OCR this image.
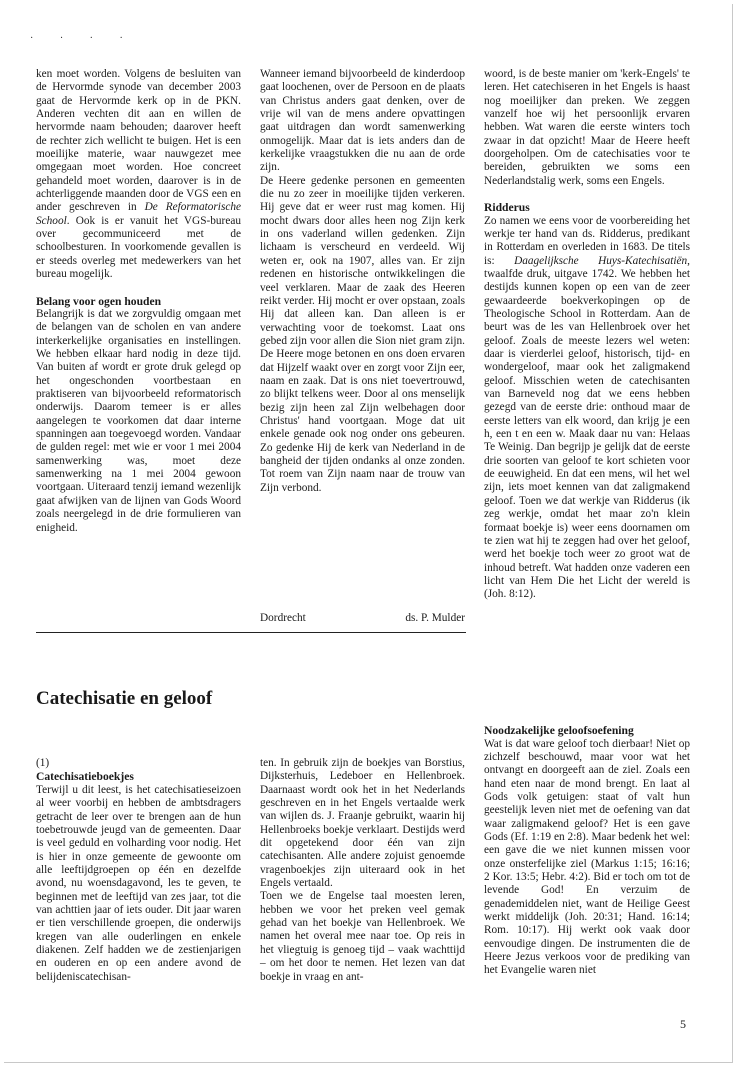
· · · ·

ken moet worden. Volgens de besluiten van de Hervormde synode van december 2003 gaat de Hervormde kerk op in de PKN. Anderen vechten dit aan en willen de hervormde naam behouden; daarover heeft de rechter zich wellicht te buigen. Het is een moeilijke materie, waar nauwgezet mee omgegaan moet worden. Hoe concreet gehandeld moet worden, daarover is in de achterliggende maanden door de VGS een en ander geschreven in De Reformatorische School. Ook is er vanuit het VGS-bureau over gecommuniceerd met de schoolbesturen. In voorkomende gevallen is er steeds overleg met medewerkers van het bureau mogelijk.

Belang voor ogen houden

Belangrijk is dat we zorgvuldig omgaan met de belangen van de scholen en van andere interkerkelijke organisaties en instellingen. We hebben elkaar hard nodig in deze tijd. Van buiten af wordt er grote druk gelegd op het ongeschonden voortbestaan en praktiseren van bijvoorbeeld reformatorisch onderwijs. Daarom temeer is er alles aangelegen te voorkomen dat daar interne spanningen aan toegevoegd worden. Vandaar de gulden regel: met wie er voor 1 mei 2004 samenwerking was, moet deze samenwerking na 1 mei 2004 gewoon voortgaan. Uiteraard tenzij iemand wezenlijk gaat afwijken van de lijnen van Gods Woord zoals neergelegd in de drie formulieren van enigheid.

Wanneer iemand bijvoorbeeld de kinderdoop gaat loochenen, over de Persoon en de plaats van Christus anders gaat denken, over de vrije wil van de mens andere opvattingen gaat uitdragen dan wordt samenwerking onmogelijk. Maar dat is iets anders dan de kerkelijke vraagstukken die nu aan de orde zijn.

De Heere gedenke personen en gemeenten die nu zo zeer in moeilijke tijden verkeren. Hij geve dat er weer rust mag komen. Hij mocht dwars door alles heen nog Zijn kerk in ons vaderland willen gedenken. Zijn lichaam is verscheurd en verdeeld. Wij weten er, ook na 1907, alles van. Er zijn redenen en historische ontwikkelingen die veel verklaren. Maar de zaak des Heeren reikt verder. Hij mocht er over opstaan, zoals Hij dat alleen kan. Dan alleen is er verwachting voor de toekomst. Laat ons gebed zijn voor allen die Sion niet gram zijn. De Heere moge betonen en ons doen ervaren dat Hijzelf waakt over en zorgt voor Zijn eer, naam en zaak. Dat is ons niet toevertrouwd, zo blijkt telkens weer. Door al ons menselijk bezig zijn heen zal Zijn welbehagen door Christus' hand voortgaan. Moge dat uit enkele genade ook nog onder ons gebeuren. Zo gedenke Hij de kerk van Nederland in de bangheid der tijden ondanks al onze zonden. Tot roem van Zijn naam naar de trouw van Zijn verbond.

Dordrecht	ds. P. Mulder

woord, is de beste manier om 'kerk-Engels' te leren. Het catechiseren in het Engels is haast nog moeilijker dan preken. We zeggen vanzelf hoe wij het persoonlijk ervaren hebben. Wat waren die eerste winters toch zwaar in dat opzicht! Maar de Heere heeft doorgeholpen. Om de catechisaties voor te bereiden, gebruikten we soms een Nederlandstalig werk, soms een Engels.

Ridderus

Zo namen we eens voor de voorbereiding het werkje ter hand van ds. Ridderus, predikant in Rotterdam en overleden in 1683. De titels is: Daagelijksche Huys-Katechisatiën, twaalfde druk, uitgave 1742. We hebben het destijds kunnen kopen op een van de zeer gewaardeerde boekverkopingen op de Theologische School in Rotterdam. Aan de beurt was de les van Hellenbroek over het geloof. Zoals de meeste lezers wel weten: daar is vierderlei geloof, historisch, tijd- en wondergeloof, maar ook het zaligmakend geloof. Misschien weten de catechisanten van Barneveld nog dat we eens hebben gezegd van de eerste drie: onthoud maar de eerste letters van elk woord, dan krijg je een h, een t en een w. Maak daar nu van: Helaas Te Weinig. Dan begrijp je gelijk dat de eerste drie soorten van geloof te kort schieten voor de eeuwigheid. En dat een mens, wil het wel zijn, iets moet kennen van dat zaligmakend geloof. Toen we dat werkje van Ridderus (ik zeg werkje, omdat het maar zo'n klein formaat boekje is) weer eens doornamen om te zien wat hij te zeggen had over het geloof, werd het boekje toch weer zo groot wat de inhoud betreft. Wat hadden onze vaderen een licht van Hem Die het Licht der wereld is (Joh. 8:12).

Catechisatie en geloof

(1)

Catechisatieboekjes

Terwijl u dit leest, is het catechisatieseizoen al weer voorbij en hebben de ambtsdragers getracht de leer over te brengen aan de hun toebetrouwde jeugd van de gemeenten. Daar is veel geduld en volharding voor nodig. Het is hier in onze gemeente de gewoonte om alle leeftijdgroepen op één en dezelfde avond, nu woensdagavond, les te geven, te beginnen met de leeftijd van zes jaar, tot die van achttien jaar of iets ouder. Dit jaar waren er tien verschillende groepen, die onderwijs kregen van alle ouderlingen en enkele diakenen. Zelf hadden we de zestienjarigen en ouderen en op een andere avond de belijdeniscatechisan-

ten. In gebruik zijn de boekjes van Borstius, Dijksterhuis, Ledeboer en Hellenbroek. Daarnaast wordt ook het in het Nederlands geschreven en in het Engels vertaalde werk van wijlen ds. J. Fraanje gebruikt, waarin hij Hellenbroeks boekje verklaart. Destijds werd dit opgetekend door één van zijn catechisanten. Alle andere zojuist genoemde vragenboekjes zijn uiteraard ook in het Engels vertaald.

Toen we de Engelse taal moesten leren, hebben we voor het preken veel gemak gehad van het boekje van Hellenbroek. We namen het overal mee naar toe. Op reis in het vliegtuig is genoeg tijd – vaak wachttijd – om het door te nemen. Het lezen van dat boekje in vraag en ant-

Noodzakelijke geloofsoefening

Wat is dat ware geloof toch dierbaar! Niet op zichzelf beschouwd, maar voor wat het ontvangt en doorgeeft aan de ziel. Zoals een hand eten naar de mond brengt. En laat al Gods volk getuigen: staat of valt hun geestelijk leven niet met de oefening van dat waar zaligmakend geloof? Het is een gave Gods (Ef. 1:19 en 2:8). Maar bedenk het wel: een gave die we niet kunnen missen voor onze onsterfelijke ziel (Markus 1:15; 16:16; 2 Kor. 13:5; Hebr. 4:2). Bid er toch om tot de levende God! En verzuim de genademiddelen niet, want de Heilige Geest werkt middelijk (Joh. 20:31; Hand. 16:14; Rom. 10:17). Hij werkt ook vaak door eenvoudige dingen. De instrumenten die de Heere Jezus verkoos voor de prediking van het Evangelie waren niet

5
